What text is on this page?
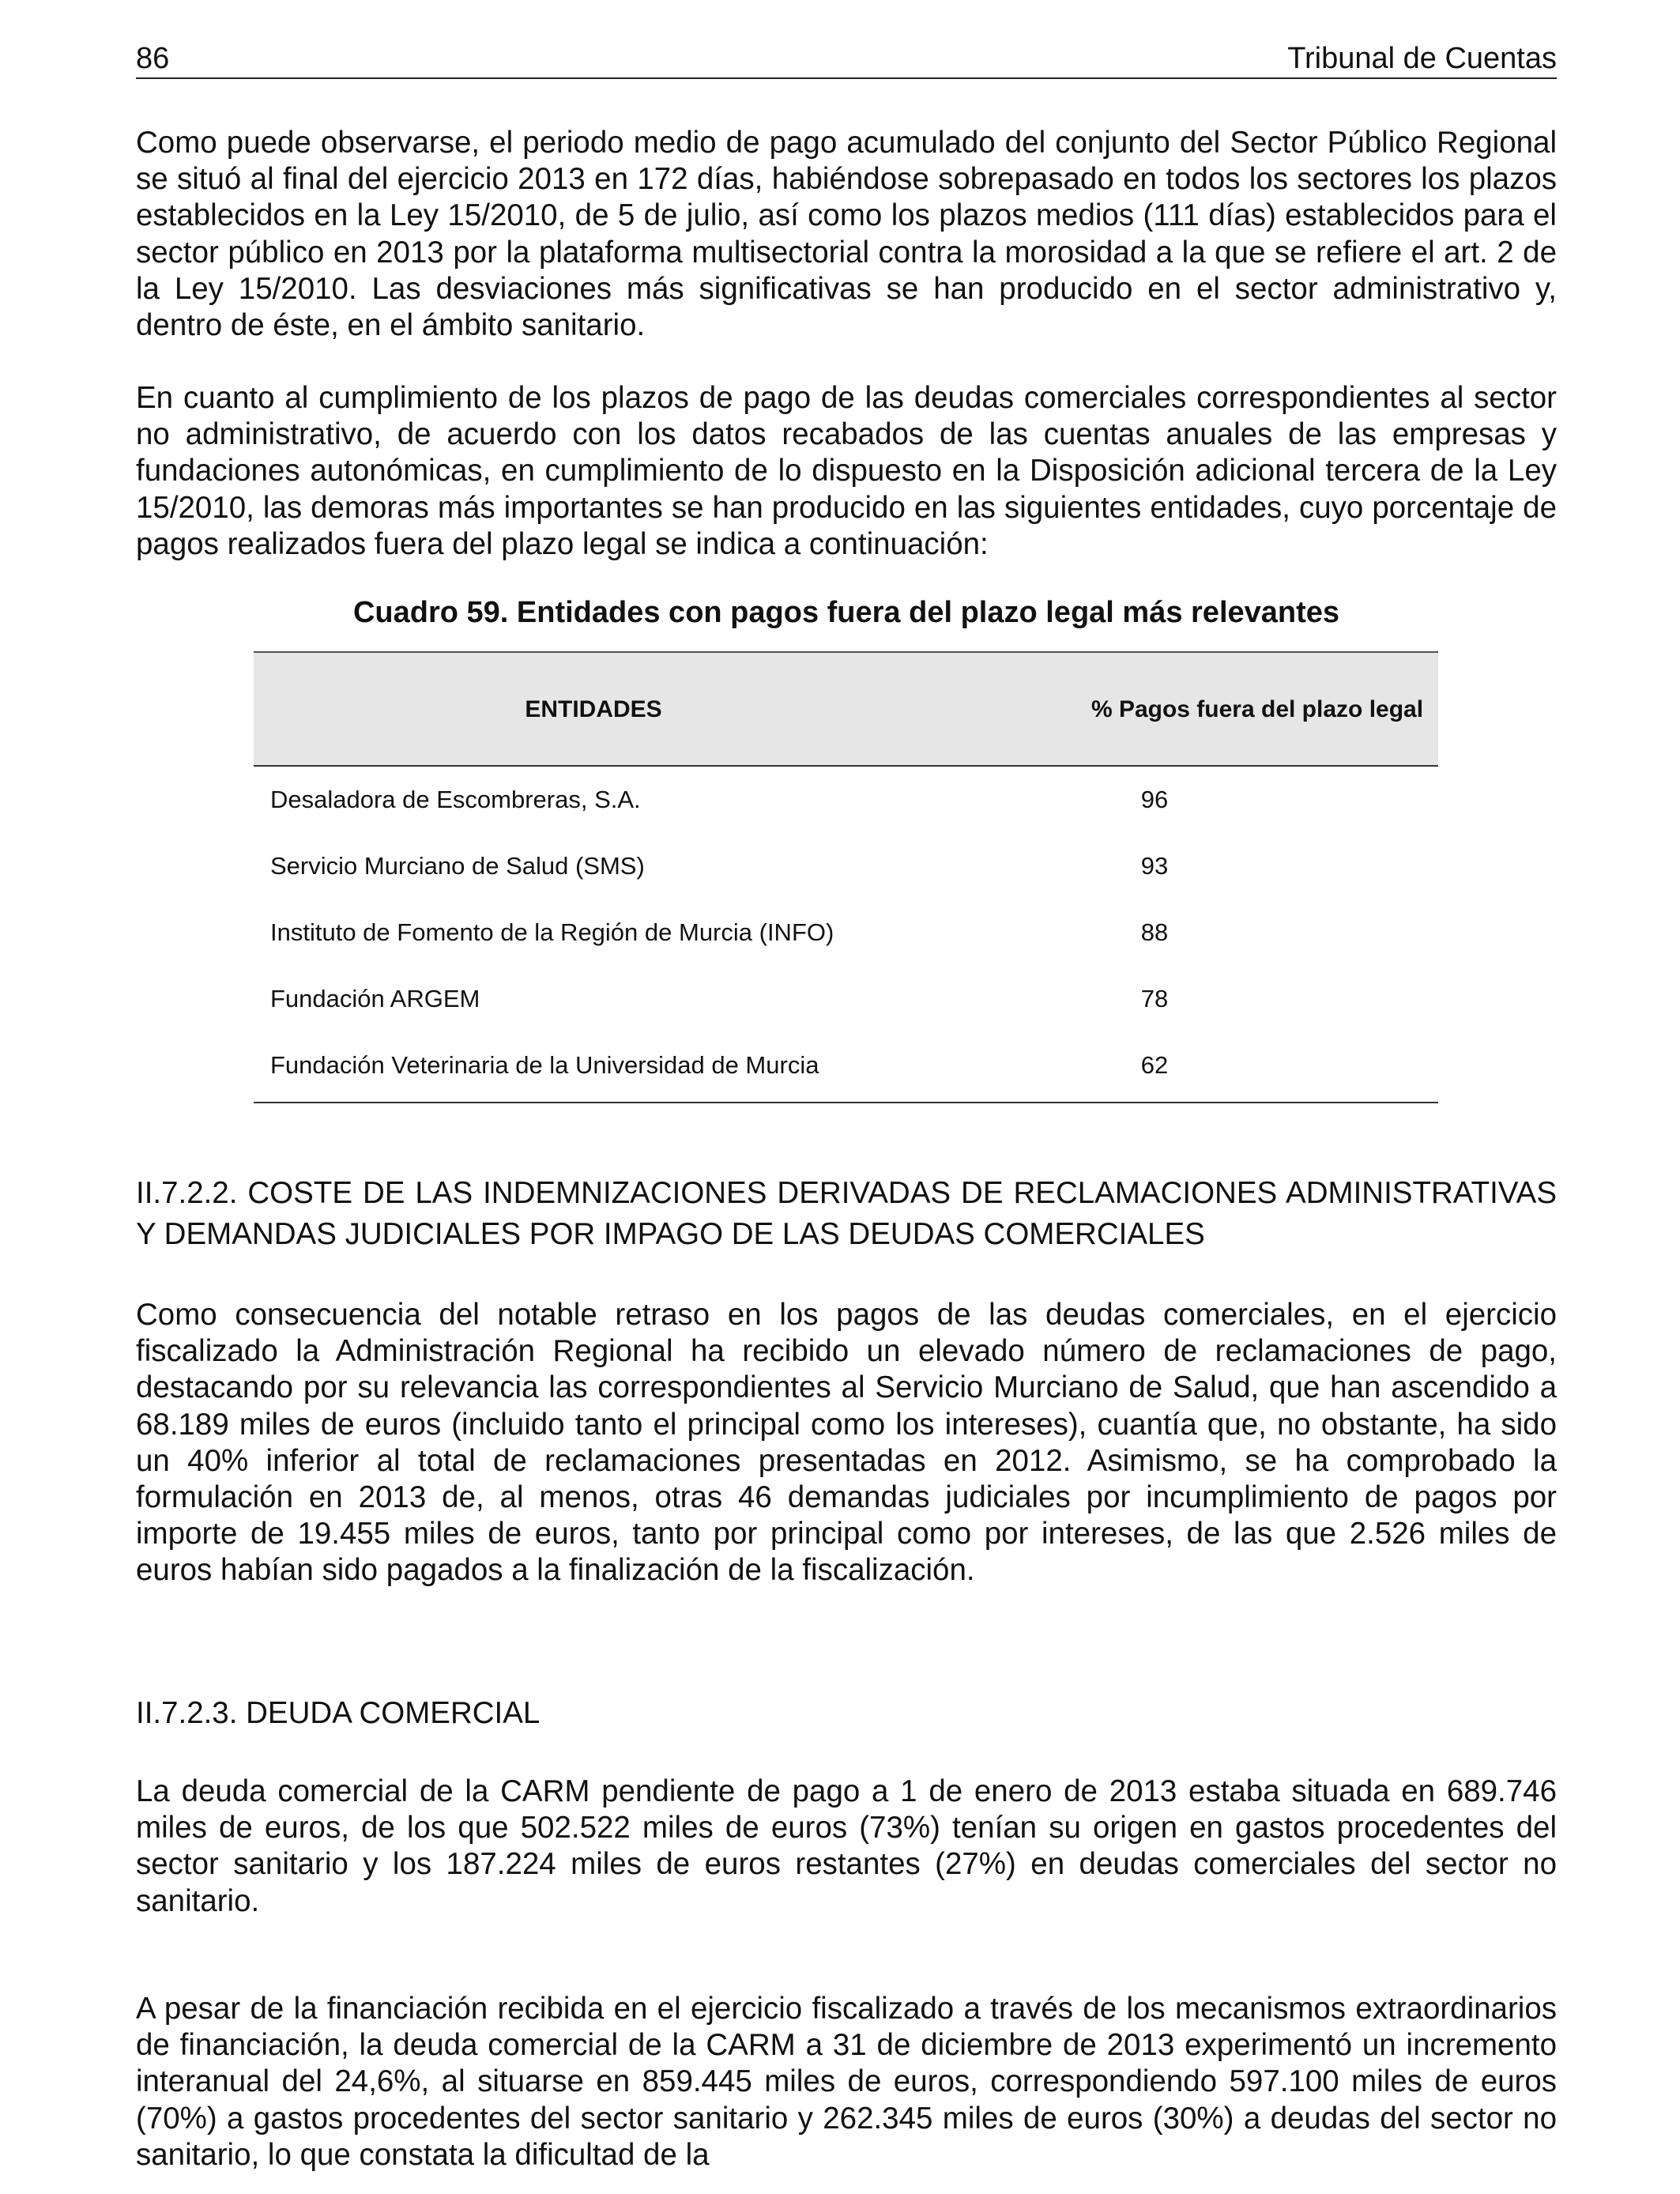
86	Tribunal de Cuentas

Como puede observarse, el periodo medio de pago acumulado del conjunto del Sector Público Regional se situó al final del ejercicio 2013 en 172 días, habiéndose sobrepasado en todos los sectores los plazos establecidos en la Ley 15/2010, de 5 de julio, así como los plazos medios (111 días) establecidos para el sector público en 2013 por la plataforma multisectorial contra la morosidad a la que se refiere el art. 2 de la Ley 15/2010. Las desviaciones más significativas se han producido en el sector administrativo y, dentro de éste, en el ámbito sanitario.

En cuanto al cumplimiento de los plazos de pago de las deudas comerciales correspondientes al sector no administrativo, de acuerdo con los datos recabados de las cuentas anuales de las empresas y fundaciones autonómicas, en cumplimiento de lo dispuesto en la Disposición adicional tercera de la Ley 15/2010, las demoras más importantes se han producido en las siguientes entidades, cuyo porcentaje de pagos realizados fuera del plazo legal se indica a continuación:

Cuadro 59. Entidades con pagos fuera del plazo legal más relevantes
ENTIDADES	% Pagos fuera del plazo legal
Desaladora de Escombreras, S.A.	96
Servicio Murciano de Salud (SMS)	93
Instituto de Fomento de la Región de Murcia (INFO)	88
Fundación ARGEM	78
Fundación Veterinaria de la Universidad de Murcia	62

II.7.2.2. COSTE DE LAS INDEMNIZACIONES DERIVADAS DE RECLAMACIONES ADMINISTRATIVAS Y DEMANDAS JUDICIALES POR IMPAGO DE LAS DEUDAS COMERCIALES

Como consecuencia del notable retraso en los pagos de las deudas comerciales, en el ejercicio fiscalizado la Administración Regional ha recibido un elevado número de reclamaciones de pago, destacando por su relevancia las correspondientes al Servicio Murciano de Salud, que han ascendido a 68.189 miles de euros (incluido tanto el principal como los intereses), cuantía que, no obstante, ha sido un 40% inferior al total de reclamaciones presentadas en 2012. Asimismo, se ha comprobado la formulación en 2013 de, al menos, otras 46 demandas judiciales por incumplimiento de pagos por importe de 19.455 miles de euros, tanto por principal como por intereses, de las que 2.526 miles de euros habían sido pagados a la finalización de la fiscalización.

II.7.2.3. DEUDA COMERCIAL

La deuda comercial de la CARM pendiente de pago a 1 de enero de 2013 estaba situada en 689.746 miles de euros, de los que 502.522 miles de euros (73%) tenían su origen en gastos procedentes del sector sanitario y los 187.224 miles de euros restantes (27%) en deudas comerciales del sector no sanitario.

A pesar de la financiación recibida en el ejercicio fiscalizado a través de los mecanismos extraordinarios de financiación, la deuda comercial de la CARM a 31 de diciembre de 2013 experimentó un incremento interanual del 24,6%, al situarse en 859.445 miles de euros, correspondiendo 597.100 miles de euros (70%) a gastos procedentes del sector sanitario y 262.345 miles de euros (30%) a deudas del sector no sanitario, lo que constata la dificultad de la
